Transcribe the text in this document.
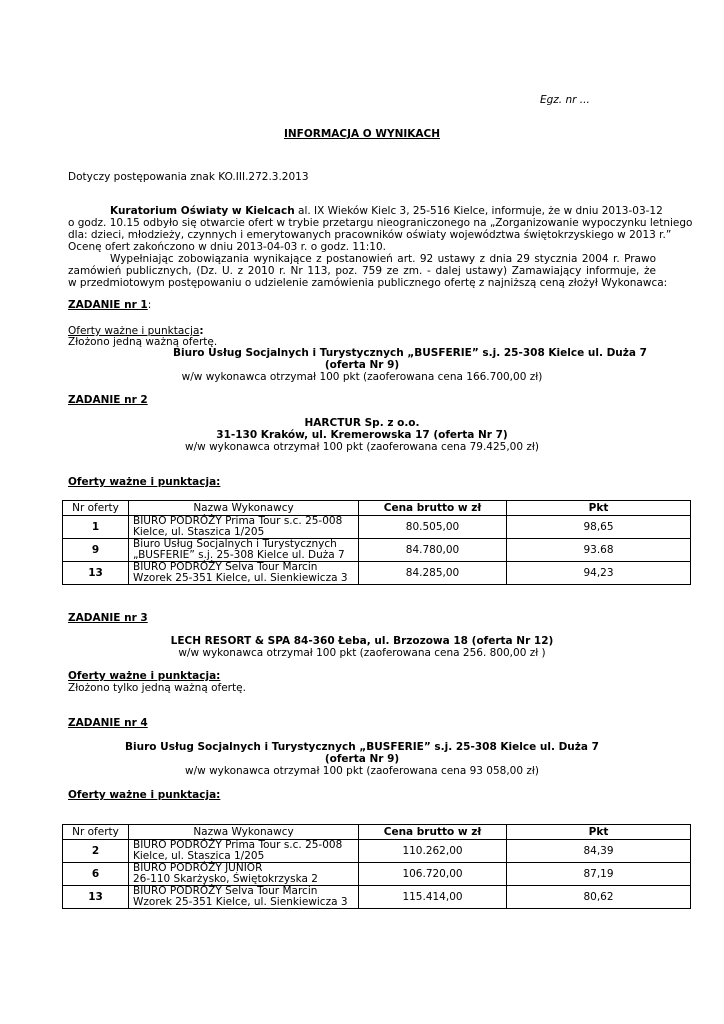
Egz. nr ...
INFORMACJA O WYNIKACH
Dotyczy postępowania znak KO.III.272.3.2013
Kuratorium Oświaty w Kielcach al. IX Wieków Kielc 3, 25-516 Kielce, informuje, że w dniu 2013-03-12
o godz. 10.15 odbyło się otwarcie ofert w trybie przetargu nieograniczonego na „Zorganizowanie wypoczynku letniego
dla: dzieci, młodzieży, czynnych i emerytowanych pracowników oświaty województwa świętokrzyskiego w 2013 r.”
Ocenę ofert zakończono w dniu 2013-04-03 r. o godz. 11:10.
Wypełniając zobowiązania wynikające z postanowień art. 92 ustawy z dnia 29 stycznia 2004 r. Prawo
zamówień publicznych, (Dz. U. z 2010 r. Nr 113, poz. 759 ze zm. - dalej ustawy) Zamawiający informuje, że
w przedmiotowym postępowaniu o udzielenie zamówienia publicznego ofertę z najniższą ceną złożył Wykonawca:
ZADANIE nr 1:
Oferty ważne i punktacja:
Złożono jedną ważną ofertę.
Biuro Usług Socjalnych i Turystycznych „BUSFERIE” s.j. 25-308 Kielce ul. Duża 7
(oferta Nr 9)
w/w wykonawca otrzymał 100 pkt (zaoferowana cena 166.700,00 zł)
ZADANIE nr 2
HARCTUR Sp. z o.o.
31-130 Kraków, ul. Kremerowska 17 (oferta Nr 7)
w/w wykonawca otrzymał 100 pkt (zaoferowana cena 79.425,00 zł)
Oferty ważne i punktacja:
Nr oferty	Nazwa Wykonawcy	Cena brutto w zł	Pkt
1	BIURO PODRÓŻY Prima Tour s.c. 25-008
Kielce, ul. Staszica 1/205	80.505,00	98,65
9	Biuro Usług Socjalnych i Turystycznych
„BUSFERIE” s.j. 25-308 Kielce ul. Duża 7	84.780,00	93.68
13	BIURO PODRÓŻY Selva Tour Marcin
Wzorek 25-351 Kielce, ul. Sienkiewicza 3	84.285,00	94,23
ZADANIE nr 3
LECH RESORT & SPA 84-360 Łeba, ul. Brzozowa 18 (oferta Nr 12)
w/w wykonawca otrzymał 100 pkt (zaoferowana cena 256. 800,00 zł )
Oferty ważne i punktacja:
Złożono tylko jedną ważną ofertę.
ZADANIE nr 4
Biuro Usług Socjalnych i Turystycznych „BUSFERIE” s.j. 25-308 Kielce ul. Duża 7
(oferta Nr 9)
w/w wykonawca otrzymał 100 pkt (zaoferowana cena 93 058,00 zł)
Oferty ważne i punktacja:
Nr oferty	Nazwa Wykonawcy	Cena brutto w zł	Pkt
2	BIURO PODRÓŻY Prima Tour s.c. 25-008
Kielce, ul. Staszica 1/205	110.262,00	84,39
6	BIURO PODRÓŻY JUNIOR
26-110 Skarżysko, Świętokrzyska 2	106.720,00	87,19
13	BIURO PODRÓŻY Selva Tour Marcin
Wzorek 25-351 Kielce, ul. Sienkiewicza 3	115.414,00	80,62
